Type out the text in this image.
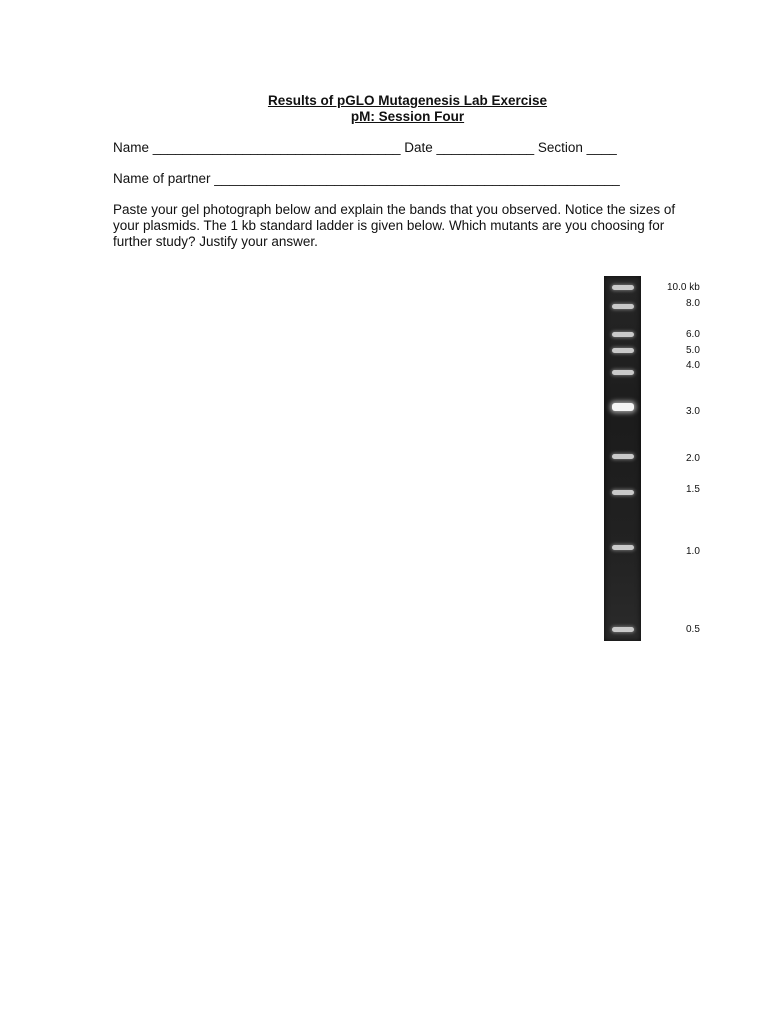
Results of pGLO Mutagenesis Lab Exercise
pM: Session Four
Name _________________________________ Date _____________ Section ____
Name of partner ______________________________________________________
Paste your gel photograph below and explain the bands that you observed. Notice the sizes of your plasmids. The 1 kb standard ladder is given below. Which mutants are you choosing for further study? Justify your answer.
10.0 kb
8.0
6.0
5.0
4.0
3.0
2.0
1.5
1.0
0.5
